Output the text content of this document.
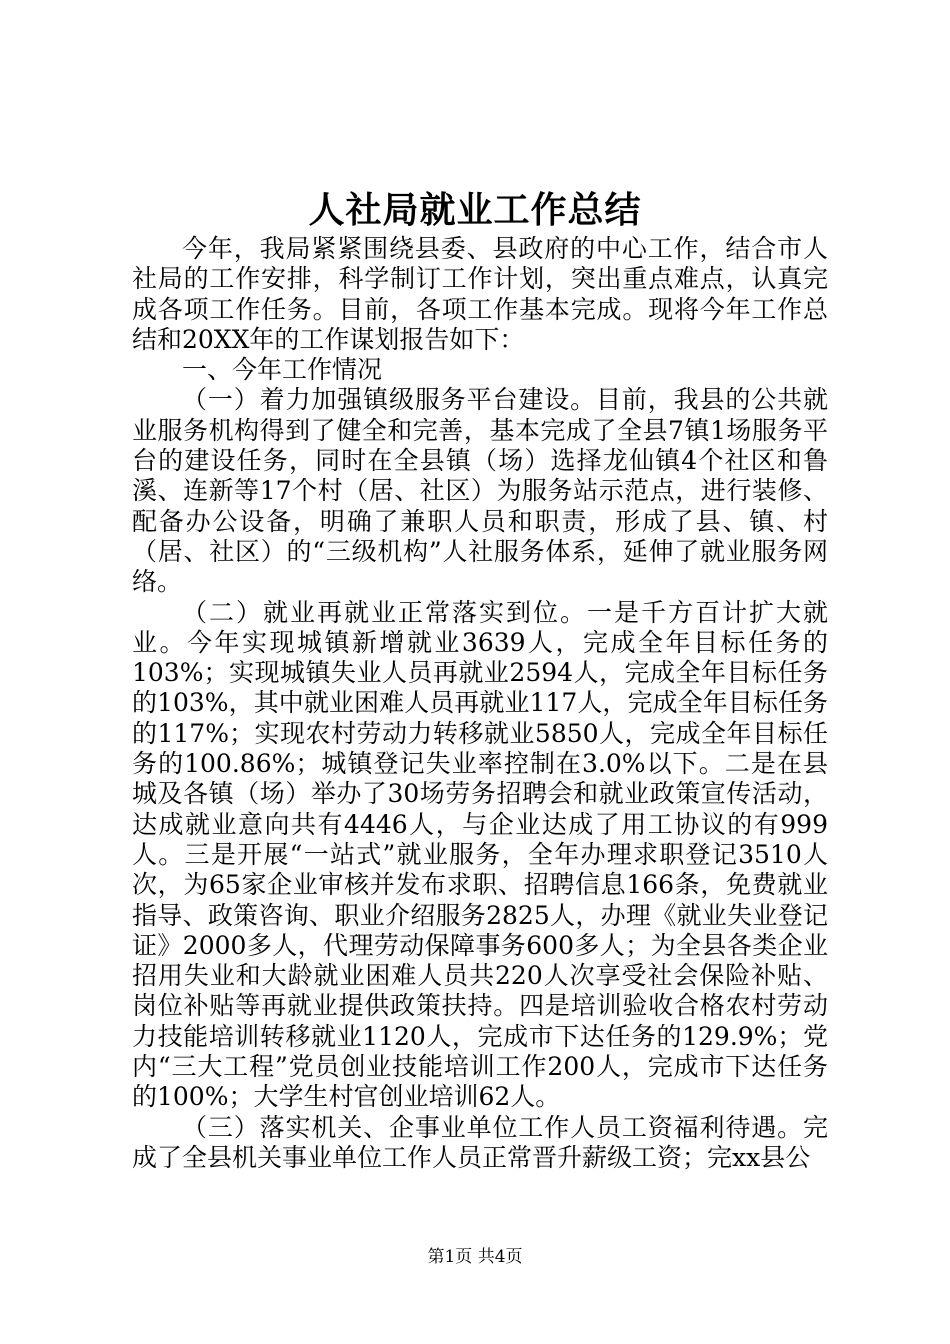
人社局就业工作总结

今年，我局紧紧围绕县委、县政府的中心工作，结合市人社局的工作安排，科学制订工作计划，突出重点难点，认真完成各项工作任务。目前，各项工作基本完成。现将今年工作总结和20XX年的工作谋划报告如下：

一、今年工作情况

（一）着力加强镇级服务平台建设。目前，我县的公共就业服务机构得到了健全和完善，基本完成了全县7镇1场服务平台的建设任务，同时在全县镇（场）选择龙仙镇4个社区和鲁溪、连新等17个村（居、社区）为服务站示范点，进行装修、配备办公设备，明确了兼职人员和职责，形成了县、镇、村（居、社区）的“三级机构”人社服务体系，延伸了就业服务网络。

（二）就业再就业正常落实到位。一是千方百计扩大就业。今年实现城镇新增就业3639人，完成全年目标任务的103%；实现城镇失业人员再就业2594人，完成全年目标任务的103%，其中就业困难人员再就业117人，完成全年目标任务的117%；实现农村劳动力转移就业5850人，完成全年目标任务的100.86%；城镇登记失业率控制在3.0%以下。二是在县城及各镇（场）举办了30场劳务招聘会和就业政策宣传活动，达成就业意向共有4446人，与企业达成了用工协议的有999人。三是开展“一站式”就业服务，全年办理求职登记3510人次，为65家企业审核并发布求职、招聘信息166条，免费就业指导、政策咨询、职业介绍服务2825人，办理《就业失业登记证》2000多人，代理劳动保障事务600多人；为全县各类企业招用失业和大龄就业困难人员共220人次享受社会保险补贴、岗位补贴等再就业提供政策扶持。四是培训验收合格农村劳动力技能培训转移就业1120人，完成市下达任务的129.9%；党内“三大工程”党员创业技能培训工作200人，完成市下达任务的100%；大学生村官创业培训62人。

（三）落实机关、企事业单位工作人员工资福利待遇。完成了全县机关事业单位工作人员正常晋升薪级工资；完xx县公

第1页 共4页
